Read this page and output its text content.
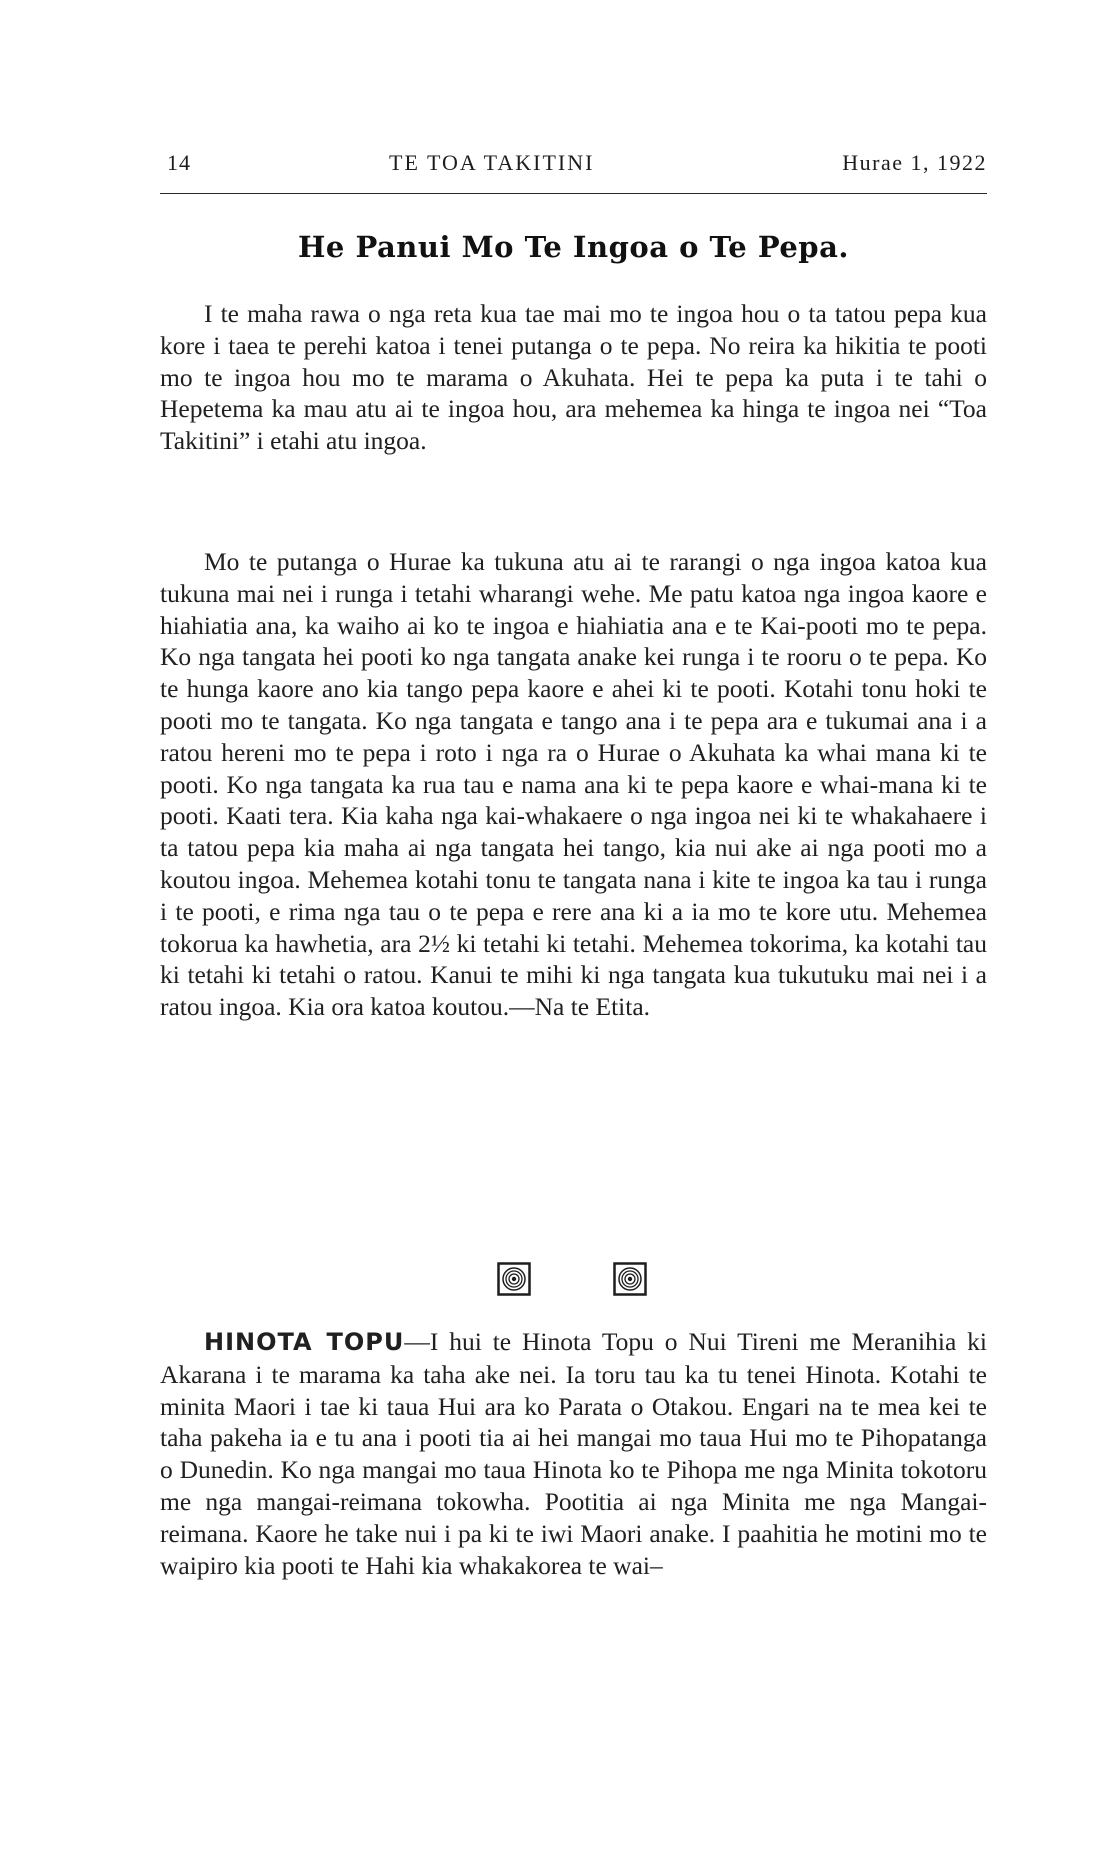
14	TE TOA TAKITINI	Hurae 1, 1922
He Panui Mo Te Ingoa o Te Pepa.

I te maha rawa o nga reta kua tae mai mo te ingoa hou o ta tatou pepa kua kore i taea te perehi katoa i tenei putanga o te pepa. No reira ka hikitia te pooti mo te ingoa hou mo te marama o Akuhata. Hei te pepa ka puta i te tahi o Hepetema ka mau atu ai te ingoa hou, ara mehemea ka hinga te ingoa nei “Toa Takitini” i etahi atu ingoa.

Mo te putanga o Hurae ka tukuna atu ai te rarangi o nga ingoa katoa kua tukuna mai nei i runga i tetahi wharangi wehe. Me patu katoa nga ingoa kaore e hiahiatia ana, ka waiho ai ko te ingoa e hiahiatia ana e te Kai-pooti mo te pepa. Ko nga tangata hei pooti ko nga tangata anake kei runga i te rooru o te pepa. Ko te hunga kaore ano kia tango pepa kaore e ahei ki te pooti. Kotahi tonu hoki te pooti mo te tangata. Ko nga tangata e tango ana i te pepa ara e tukumai ana i a ratou hereni mo te pepa i roto i nga ra o Hurae o Akuhata ka whai mana ki te pooti. Ko nga tangata ka rua tau e nama ana ki te pepa kaore e whai-mana ki te pooti. Kaati tera. Kia kaha nga kai-whakaere o nga ingoa nei ki te whakahaere i ta tatou pepa kia maha ai nga tangata hei tango, kia nui ake ai nga pooti mo a koutou ingoa. Mehemea kotahi tonu te tangata nana i kite te ingoa ka tau i runga i te pooti, e rima nga tau o te pepa e rere ana ki a ia mo te kore utu. Mehemea tokorua ka hawhetia, ara 2½ ki tetahi ki tetahi. Mehemea tokorima, ka kotahi tau ki tetahi ki tetahi o ratou. Kanui te mihi ki nga tangata kua tukutuku mai nei i a ratou ingoa. Kia ora katoa koutou.—Na te Etita.

HINOTA TOPU—I hui te Hinota Topu o Nui Tireni me Meranihia ki Akarana i te marama ka taha ake nei. Ia toru tau ka tu tenei Hinota. Kotahi te minita Maori i tae ki taua Hui ara ko Parata o Otakou. Engari na te mea kei te taha pakeha ia e tu ana i pooti tia ai hei mangai mo taua Hui mo te Pihopatanga o Dunedin. Ko nga mangai mo taua Hinota ko te Pihopa me nga Minita tokotoru me nga mangai-reimana tokowha. Pootitia ai nga Minita me nga Mangai-reimana. Kaore he take nui i pa ki te iwi Maori anake. I paahitia he motini mo te waipiro kia pooti te Hahi kia whakakorea te wai–
